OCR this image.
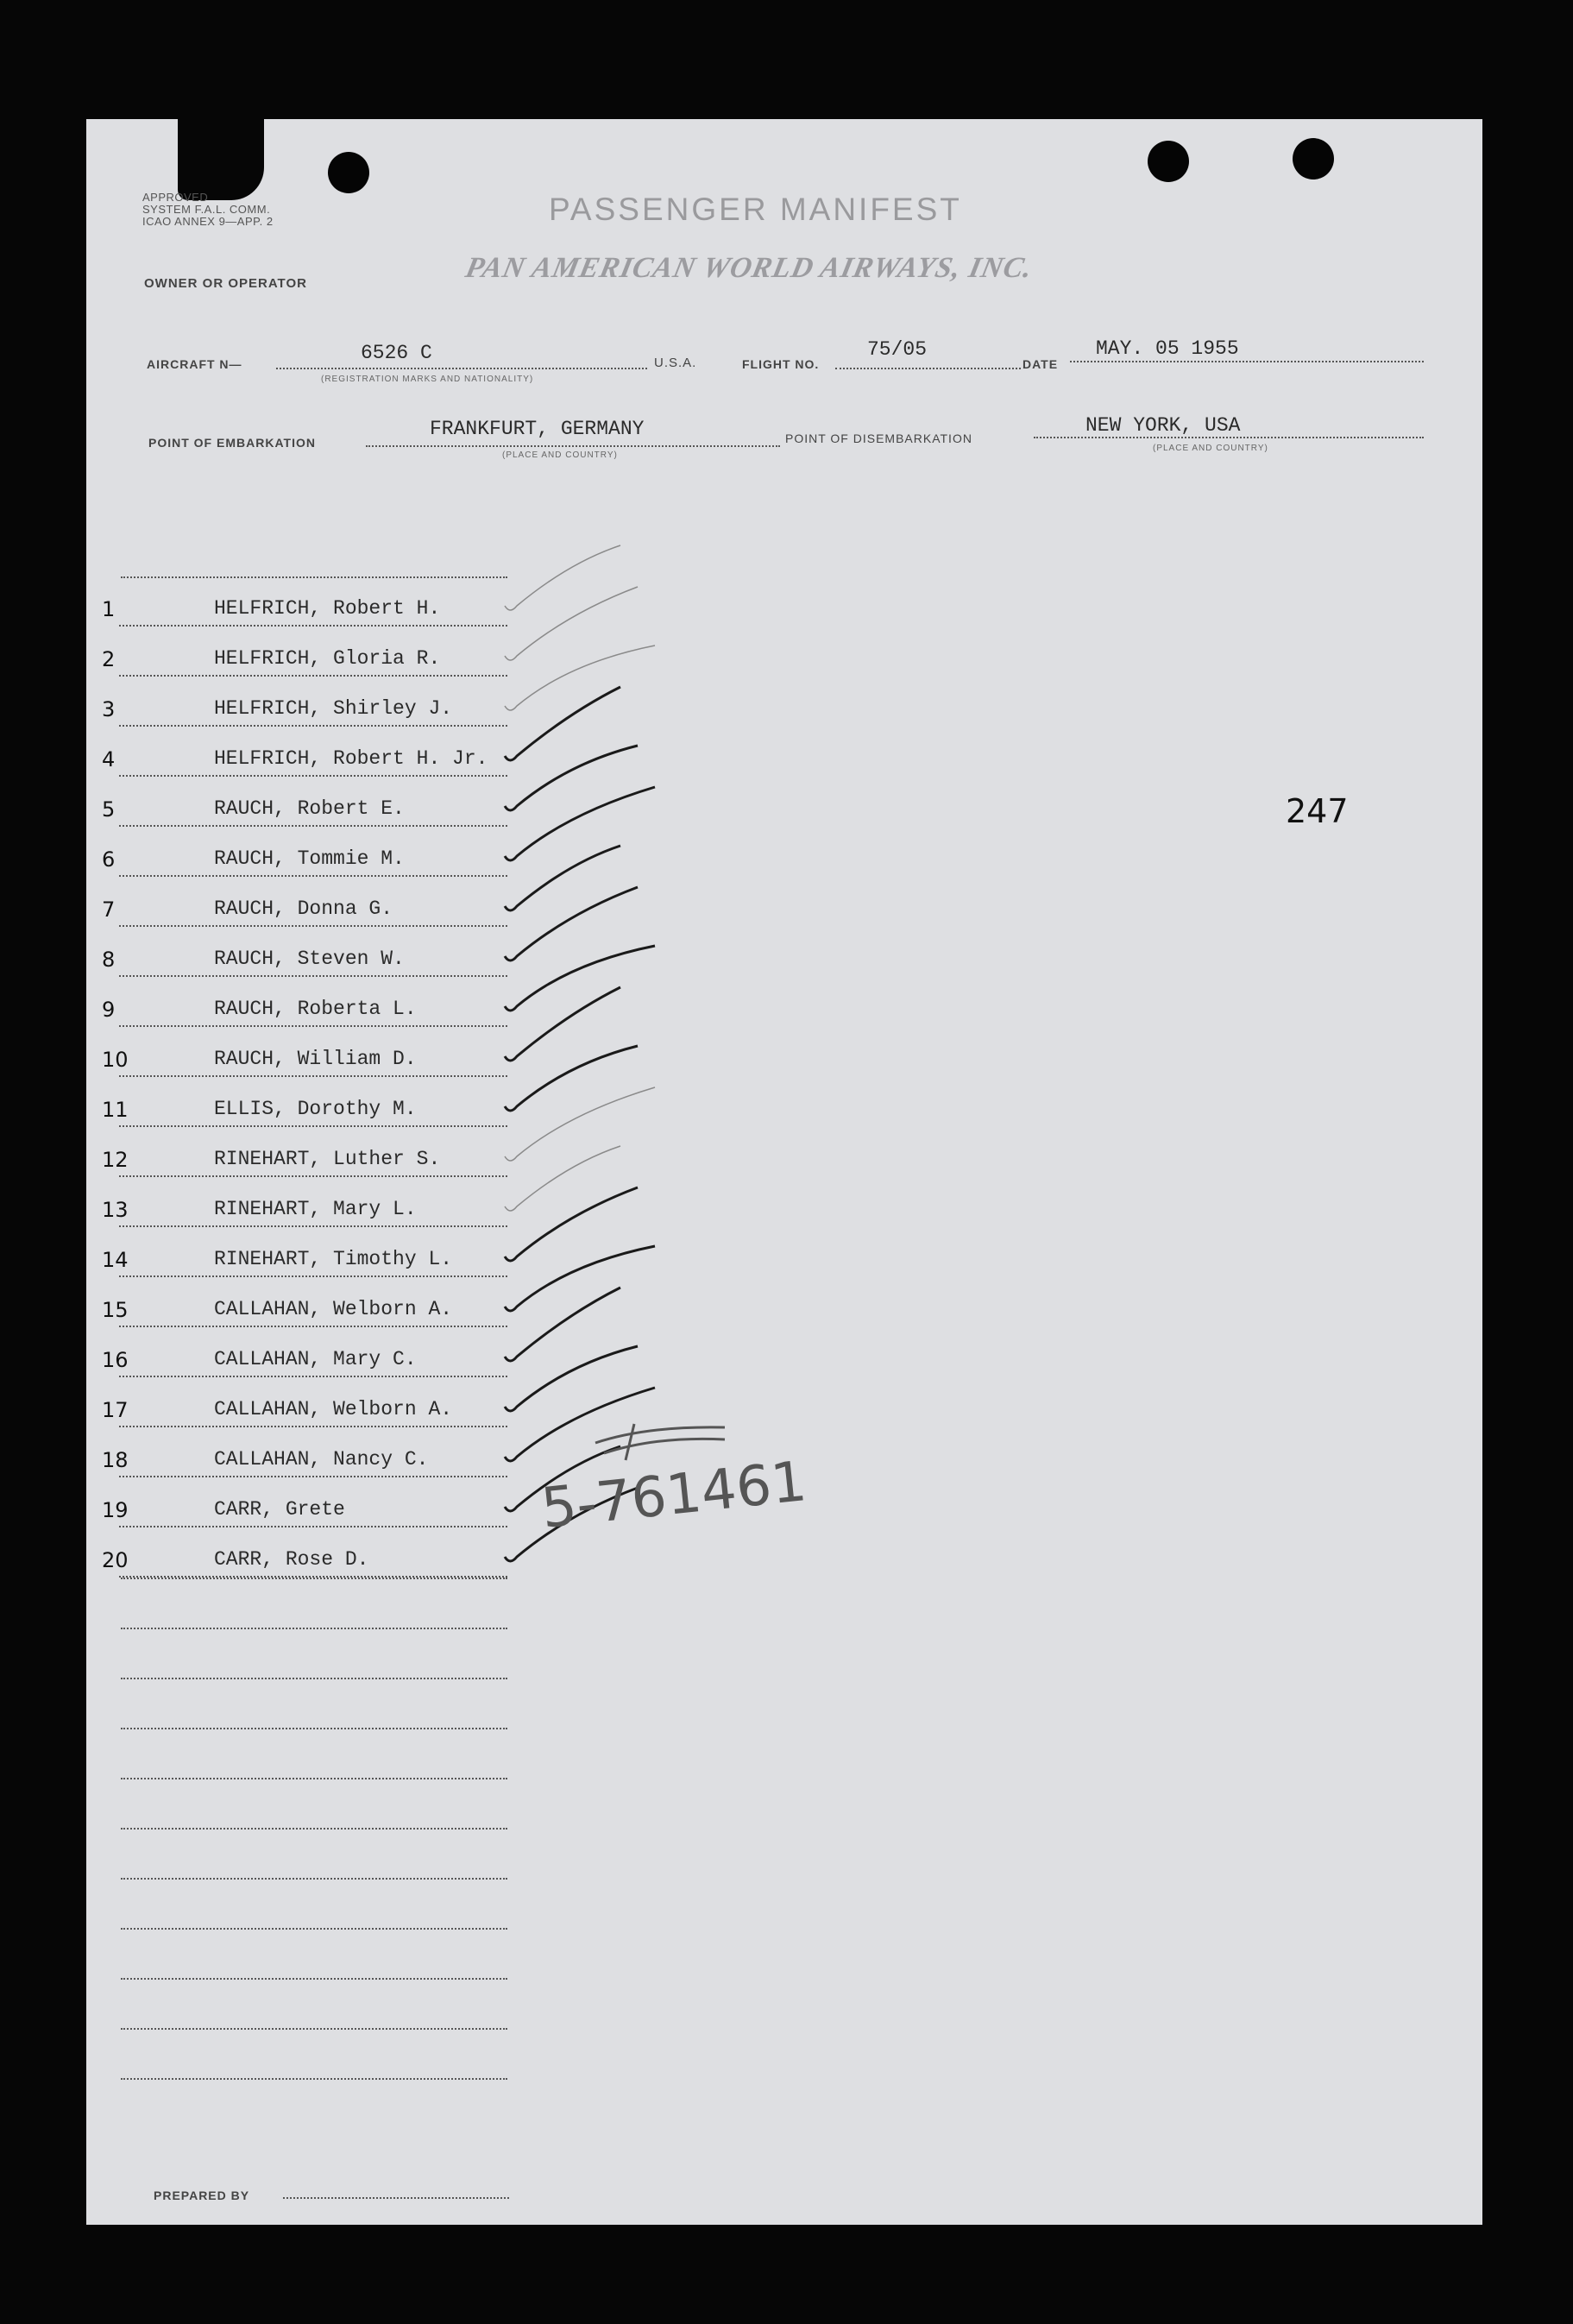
APPROVED
SYSTEM F.A.L. COMM.
ICAO ANNEX 9—APP. 2	PASSENGER MANIFEST
OWNER OR OPERATOR	PAN AMERICAN WORLD AIRWAYS, INC.
AIRCRAFT N—	6526 C
(REGISTRATION MARKS AND NATIONALITY)
U.S.A.	FLIGHT NO.
75/05
DATE
MAY. 05 1955
POINT OF EMBARKATION
FRANKFURT, GERMANY
(PLACE AND COUNTRY)
POINT OF DISEMBARKATION
NEW YORK, USA
(PLACE AND COUNTRY)
1	HELFRICH, Robert H.
2	HELFRICH, Gloria R.
3	HELFRICH, Shirley J.
4	HELFRICH, Robert H. Jr.
5	RAUCH, Robert E.
6	RAUCH, Tommie M.
7	RAUCH, Donna G.
8	RAUCH, Steven W.
9	RAUCH, Roberta L.
10	RAUCH, William D.
11	ELLIS, Dorothy M.
12	RINEHART, Luther S.
13	RINEHART, Mary L.
14	RINEHART, Timothy L.
15	CALLAHAN, Welborn A.
16	CALLAHAN, Mary C.
17	CALLAHAN, Welborn A.
18	CALLAHAN, Nancy C.
19	CARR, Grete
20	CARR, Rose D.
247
PREPARED BY
5-761461
